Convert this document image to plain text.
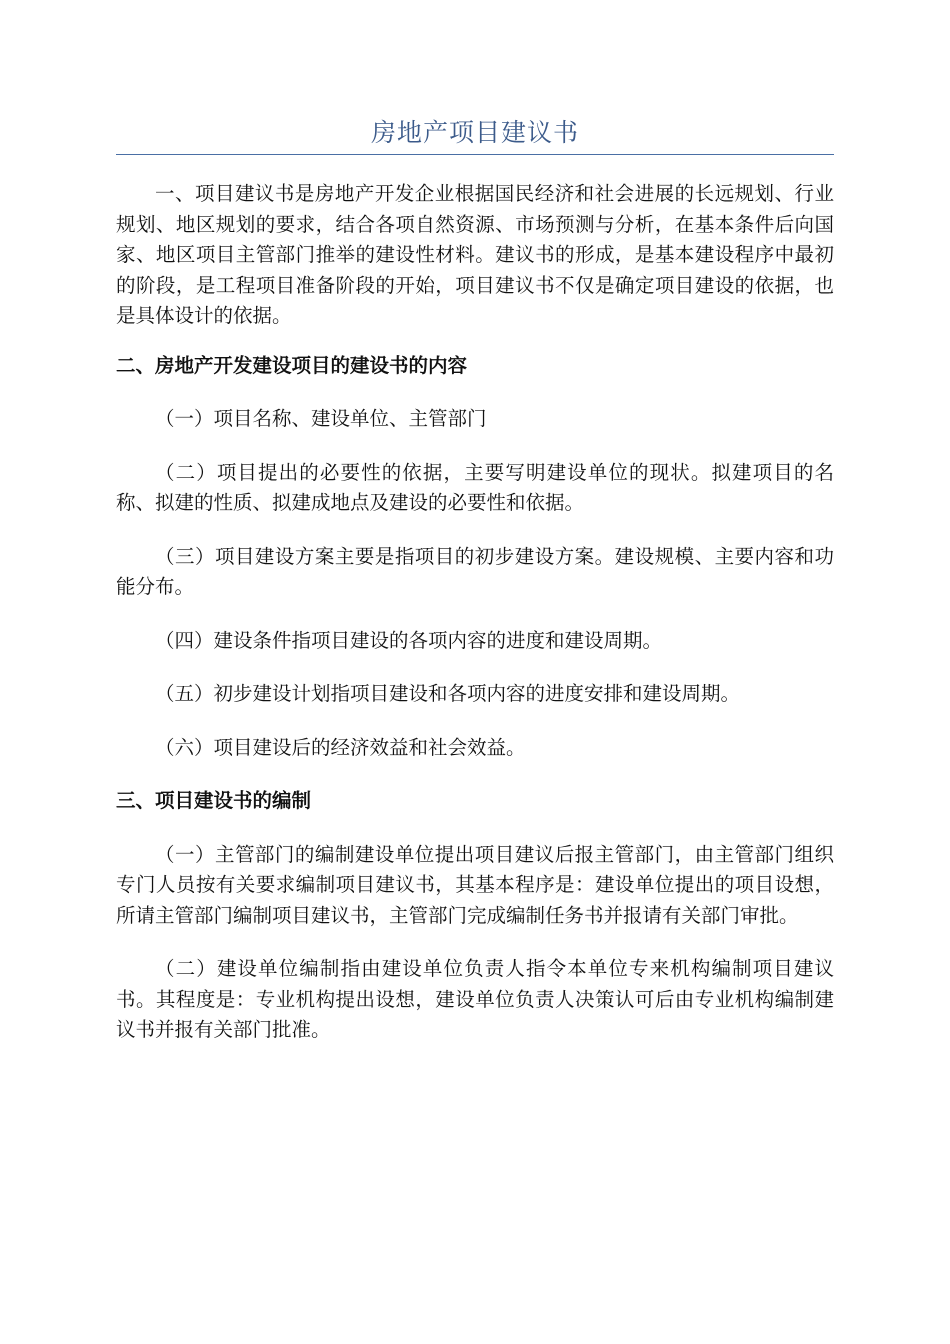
房地产项目建议书

一、项目建议书是房地产开发企业根据国民经济和社会进展的长远规划、行业规划、地区规划的要求，结合各项自然资源、市场预测与分析，在基本条件后向国家、地区项目主管部门推举的建设性材料。建议书的形成，是基本建设程序中最初的阶段，是工程项目准备阶段的开始，项目建议书不仅是确定项目建设的依据，也是具体设计的依据。

二、房地产开发建设项目的建设书的内容

（一）项目名称、建设单位、主管部门

（二）项目提出的必要性的依据，主要写明建设单位的现状。拟建项目的名称、拟建的性质、拟建成地点及建设的必要性和依据。

（三）项目建设方案主要是指项目的初步建设方案。建设规模、主要内容和功能分布。

（四）建设条件指项目建设的各项内容的进度和建设周期。

（五）初步建设计划指项目建设和各项内容的进度安排和建设周期。

（六）项目建设后的经济效益和社会效益。

三、项目建设书的编制

（一）主管部门的编制建设单位提出项目建议后报主管部门，由主管部门组织专门人员按有关要求编制项目建议书，其基本程序是：建设单位提出的项目设想，所请主管部门编制项目建议书，主管部门完成编制任务书并报请有关部门审批。

（二）建设单位编制指由建设单位负责人指令本单位专来机构编制项目建议书。其程度是：专业机构提出设想，建设单位负责人决策认可后由专业机构编制建议书并报有关部门批准。
